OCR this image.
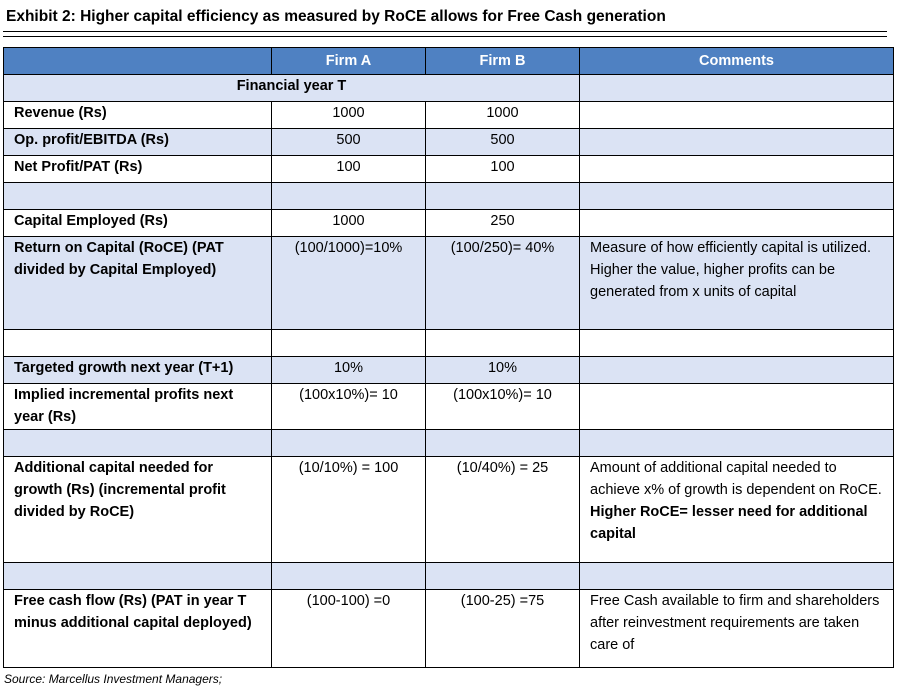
Exhibit 2: Higher capital efficiency as measured by RoCE allows for Free Cash generation
	Firm A	Firm B	Comments
Financial year T			
Revenue (Rs)	1000	1000	
Op. profit/EBITDA (Rs)	500	500	
Net Profit/PAT (Rs)	100	100	

Capital Employed (Rs)	1000	250	
Return on Capital (RoCE) (PAT divided by Capital Employed)	(100/1000)=10%	(100/250)= 40%	Measure of how efficiently capital is utilized. Higher the value, higher profits can be generated from x units of capital

Targeted growth next year (T+1)	10%	10%	
Implied incremental profits next year (Rs)	(100x10%)= 10	(100x10%)= 10	

Additional capital needed for growth (Rs) (incremental profit divided by RoCE)	(10/10%) = 100	(10/40%) = 25	Amount of additional capital needed to achieve x% of growth is dependent on RoCE. Higher RoCE= lesser need for additional capital

Free cash flow (Rs) (PAT in year T minus additional capital deployed)	(100-100) =0	(100-25) =75	Free Cash available to firm and shareholders after reinvestment requirements are taken care of
Source: Marcellus Investment Managers;
